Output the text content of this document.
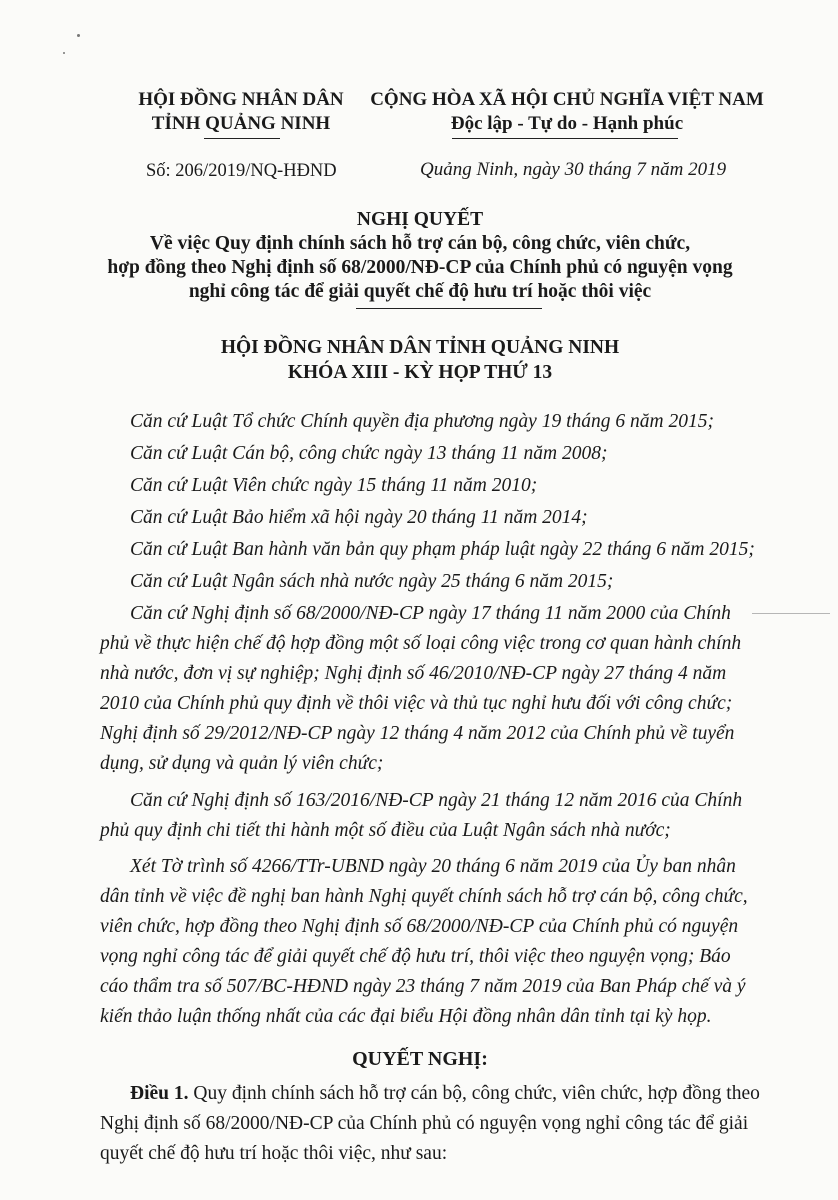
HỘI ĐỒNG NHÂN DÂN
TỈNH QUẢNG NINH
CỘNG HÒA XÃ HỘI CHỦ NGHĨA VIỆT NAM
Độc lập - Tự do - Hạnh phúc
Số: 206/2019/NQ-HĐND	Quảng Ninh, ngày 30 tháng 7 năm 2019
NGHỊ QUYẾT
Về việc Quy định chính sách hỗ trợ cán bộ, công chức, viên chức,
hợp đồng theo Nghị định số 68/2000/NĐ-CP của Chính phủ có nguyện vọng
nghỉ công tác để giải quyết chế độ hưu trí hoặc thôi việc
HỘI ĐỒNG NHÂN DÂN TỈNH QUẢNG NINH
KHÓA XIII - KỲ HỌP THỨ 13
Căn cứ Luật Tổ chức Chính quyền địa phương ngày 19 tháng 6 năm 2015;
Căn cứ Luật Cán bộ, công chức ngày 13 tháng 11 năm 2008;
Căn cứ Luật Viên chức ngày 15 tháng 11 năm 2010;
Căn cứ Luật Bảo hiểm xã hội ngày 20 tháng 11 năm 2014;
Căn cứ Luật Ban hành văn bản quy phạm pháp luật ngày 22 tháng 6 năm 2015;
Căn cứ Luật Ngân sách nhà nước ngày 25 tháng 6 năm 2015;
Căn cứ Nghị định số 68/2000/NĐ-CP ngày 17 tháng 11 năm 2000 của Chính
phủ về thực hiện chế độ hợp đồng một số loại công việc trong cơ quan hành chính
nhà nước, đơn vị sự nghiệp; Nghị định số 46/2010/NĐ-CP ngày 27 tháng 4 năm
2010 của Chính phủ quy định về thôi việc và thủ tục nghỉ hưu đối với công chức;
Nghị định số 29/2012/NĐ-CP ngày 12 tháng 4 năm 2012 của Chính phủ về tuyển
dụng, sử dụng và quản lý viên chức;
Căn cứ Nghị định số 163/2016/NĐ-CP ngày 21 tháng 12 năm 2016 của Chính
phủ quy định chi tiết thi hành một số điều của Luật Ngân sách nhà nước;
Xét Tờ trình số 4266/TTr-UBND ngày 20 tháng 6 năm 2019 của Ủy ban nhân
dân tỉnh về việc đề nghị ban hành Nghị quyết chính sách hỗ trợ cán bộ, công chức,
viên chức, hợp đồng theo Nghị định số 68/2000/NĐ-CP của Chính phủ có nguyện
vọng nghỉ công tác để giải quyết chế độ hưu trí, thôi việc theo nguyện vọng; Báo
cáo thẩm tra số 507/BC-HĐND ngày 23 tháng 7 năm 2019 của Ban Pháp chế và ý
kiến thảo luận thống nhất của các đại biểu Hội đồng nhân dân tỉnh tại kỳ họp.
QUYẾT NGHỊ:
Điều 1. Quy định chính sách hỗ trợ cán bộ, công chức, viên chức, hợp đồng theo
Nghị định số 68/2000/NĐ-CP của Chính phủ có nguyện vọng nghỉ công tác để giải
quyết chế độ hưu trí hoặc thôi việc, như sau:
